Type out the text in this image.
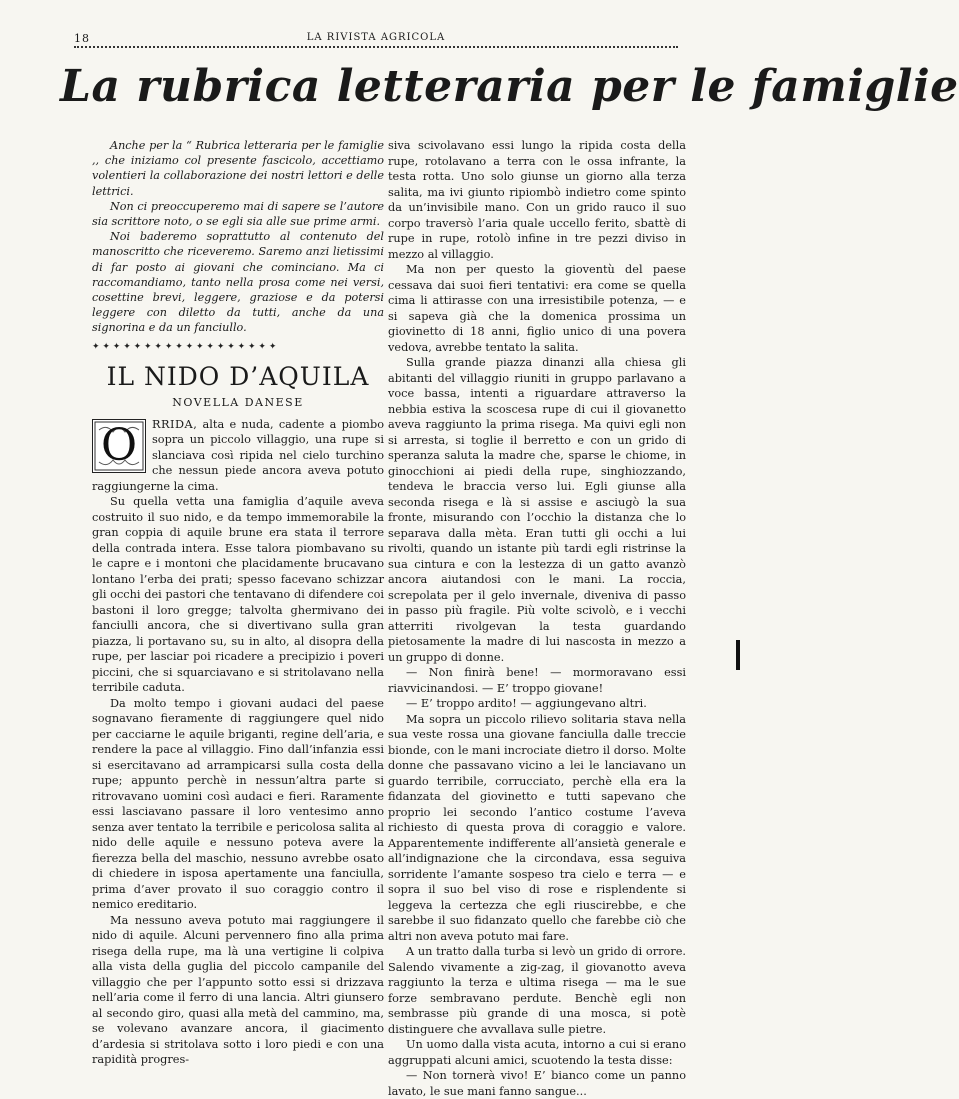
18	LA RIVISTA AGRICOLA
La rubrica letteraria per le famiglie

Anche per la “ Rubrica letteraria per le famiglie ,, che iniziamo col presente fascicolo, accettiamo volentieri la collaborazione dei nostri lettori e delle lettrici.

Non ci preoccuperemo mai di sapere se l’autore sia scrittore noto, o se egli sia alle sue prime armi.

Noi baderemo soprattutto al contenuto del manoscritto che riceveremo. Saremo anzi lietissimi di far posto ai giovani che cominciano. Ma ci raccomandiamo, tanto nella prosa come nei versi, cosettine brevi, leggere, graziose e da potersi leggere con diletto da tutti, anche da una signorina e da un fanciullo.

✦ ✦ ✦ ✦ ✦ ✦ ✦ ✦ ✦ ✦ ✦ ✦ ✦ ✦ ✦ ✦ ✦ ✦
IL NIDO D’AQUILA
NOVELLA DANESE

O	RRIDA, alta e nuda, cadente a piombo sopra un piccolo villaggio, una rupe si slanciava così ripida nel cielo turchino che nessun piede ancora aveva potuto raggiungerne la cima.

Su quella vetta una famiglia d’aquile aveva costruito il suo nido, e da tempo immemorabile la gran coppia di aquile brune era stata il terrore della contrada intera. Esse talora piombavano su le capre e i montoni che placidamente brucavano lontano l’erba dei prati; spesso facevano schizzar gli occhi dei pastori che tentavano di difendere coi bastoni il loro gregge; talvolta ghermivano dei fanciulli ancora, che si divertivano sulla gran piazza, li portavano su, su in alto, al disopra della rupe, per lasciar poi ricadere a precipizio i poveri piccini, che si squarciavano e si stritolavano nella terribile caduta.

Da molto tempo i giovani audaci del paese sognavano fieramente di raggiungere quel nido per cacciarne le aquile briganti, regine dell’aria, e rendere la pace al villaggio. Fino dall’infanzia essi si esercitavano ad arrampicarsi sulla costa della rupe; appunto perchè in nessun’altra parte si ritrovavano uomini così audaci e fieri. Raramente essi lasciavano passare il loro ventesimo anno senza aver tentato la terribile e pericolosa salita al nido delle aquile e nessuno poteva avere la fierezza bella del maschio, nessuno avrebbe osato di chiedere in isposa apertamente una fanciulla, prima d’aver provato il suo coraggio contro il nemico ereditario.

Ma nessuno aveva potuto mai raggiungere il nido di aquile. Alcuni pervennero fino alla prima risega della rupe, ma là una vertigine li colpiva alla vista della guglia del piccolo campanile del villaggio che per l’appunto sotto essi si drizzava nell’aria come il ferro di una lancia. Altri giunsero al secondo giro, quasi alla metà del cammino, ma, se volevano avanzare ancora, il giacimento d’ardesia si stritolava sotto i loro piedi e con una rapidità progres-

siva scivolavano essi lungo la ripida costa della rupe, rotolavano a terra con le ossa infrante, la testa rotta. Uno solo giunse un giorno alla terza salita, ma ivi giunto ripiombò indietro come spinto da un’invisibile mano. Con un grido rauco il suo corpo traversò l’aria quale uccello ferito, sbattè di rupe in rupe, rotolò infine in tre pezzi diviso in mezzo al villaggio.

Ma non per questo la gioventù del paese cessava dai suoi fieri tentativi: era come se quella cima li attirasse con una irresistibile potenza, — e si sapeva già che la domenica prossima un giovinetto di 18 anni, figlio unico di una povera vedova, avrebbe tentato la salita.

Sulla grande piazza dinanzi alla chiesa gli abitanti del villaggio riuniti in gruppo parlavano a voce bassa, intenti a riguardare attraverso la nebbia estiva la scoscesa rupe di cui il giovanetto aveva raggiunto la prima risega. Ma quivi egli non si arresta, si toglie il berretto e con un grido di speranza saluta la madre che, sparse le chiome, in ginocchioni ai piedi della rupe, singhiozzando, tendeva le braccia verso lui. Egli giunse alla seconda risega e là si assise e asciugò la sua fronte, misurando con l’occhio la distanza che lo separava dalla mèta. Eran tutti gli occhi a lui rivolti, quando un istante più tardi egli ristrinse la sua cintura e con la lestezza di un gatto avanzò ancora aiutandosi con le mani. La roccia, screpolata per il gelo invernale, diveniva di passo in passo più fragile. Più volte scivolò, e i vecchi atterriti rivolgevan la testa guardando pietosamente la madre di lui nascosta in mezzo a un gruppo di donne.

— Non finirà bene! — mormoravano essi riavvicinandosi. — E’ troppo giovane!

— E’ troppo ardito! — aggiungevano altri.

Ma sopra un piccolo rilievo solitaria stava nella sua veste rossa una giovane fanciulla dalle treccie bionde, con le mani incrociate dietro il dorso. Molte donne che passavano vicino a lei le lanciavano un guardo terribile, corrucciato, perchè ella era la fidanzata del giovinetto e tutti sapevano che proprio lei secondo l’antico costume l’aveva richiesto di questa prova di coraggio e valore. Apparentemente indifferente all’ansietà generale e all’indignazione che la circondava, essa seguiva sorridente l’amante sospeso tra cielo e terra — e sopra il suo bel viso di rose e risplendente si leggeva la certezza che egli riuscirebbe, e che sarebbe il suo fidanzato quello che farebbe ciò che altri non aveva potuto mai fare.

A un tratto dalla turba si levò un grido di orrore. Salendo vivamente a zig-zag, il giovanotto aveva raggiunto la terza e ultima risega — ma le sue forze sembravano perdute. Benchè egli non sembrasse più grande di una mosca, si potè distinguere che avvallava sulle pietre.

Un uomo dalla vista acuta, intorno a cui si erano aggruppati alcuni amici, scuotendo la testa disse:

— Non tornerà vivo! E’ bianco come un panno lavato, le sue mani fanno sangue...
